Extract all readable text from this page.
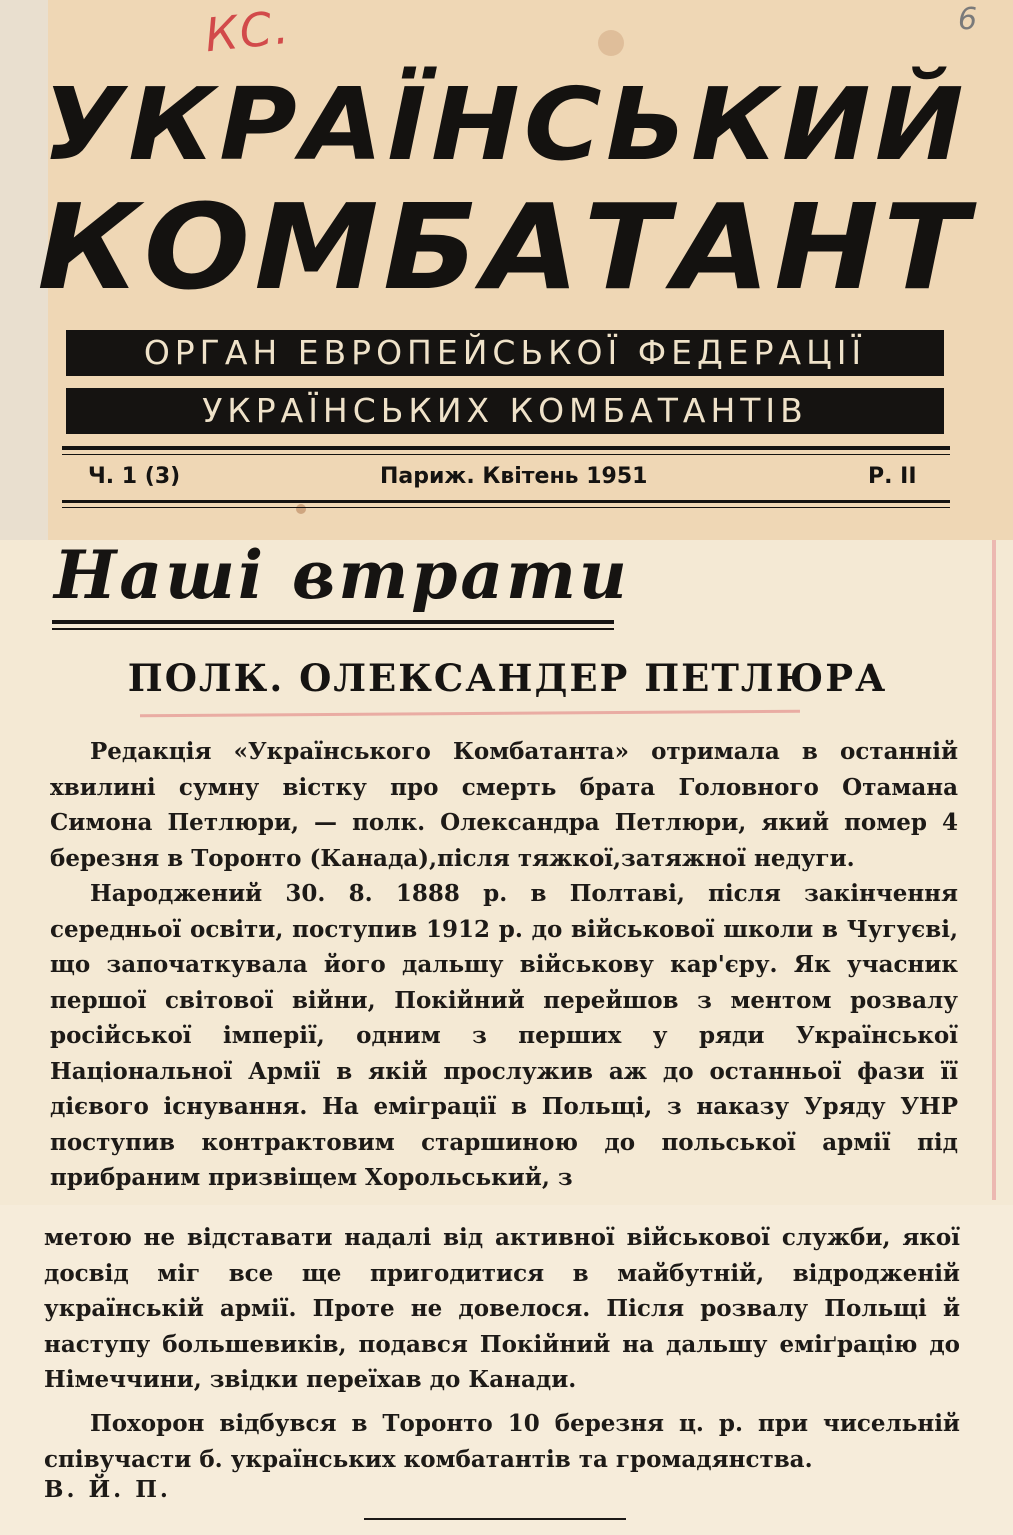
КС.	6
УКРАЇНСЬКИЙ
КОМБАТАНТ

ОРГАН ЕВРОПЕЙСЬКОЇ ФЕДЕРАЦІЇ

УКРАЇНСЬКИХ КОМБАТАНТІВ

Ч. 1 (3)	Париж. Квітень 1951	Р. II

Наші втрати
ПОЛК. ОЛЕКСАНДЕР ПЕТЛЮРА

Редакція «Українського Комбатанта» отримала в останній хвилині сумну вістку про смерть брата Головного Отамана Симона Петлюри, — полк. Олександра Петлюри, який помер 4 березня в Торонто (Канада),після тяжкої,затяжної недуги.

Народжений 30. 8. 1888 р. в Полтаві, після закінчення середньої освіти, поступив 1912 р. до військової школи в Чугуєві, що започаткувала його дальшу військову кар'єру. Як учасник першої світової війни, Покійний перейшов з ментом розвалу російської імперії, одним з перших у ряди Української Національної Армії в якій прослужив аж до останньої фази її дієвого існування. На еміграції в Польщі, з наказу Уряду УНР поступив контрактовим старшиною до польської армії під прибраним призвіщем Хорольський, з

метою не відставати надалі від активної військової служби, якої досвід міг все ще пригодитися в майбутній, відродженій українській армії. Проте не довелося. Після розвалу Польщі й наступу большевиків, подався Покійний на дальшу еміґрацію до Німеччини, звідки переїхав до Канади.

Похорон відбувся в Торонто 10 березня ц. р. при чисельній співучасти б. українських комбатантів та громадянства.

В. Й. П.
